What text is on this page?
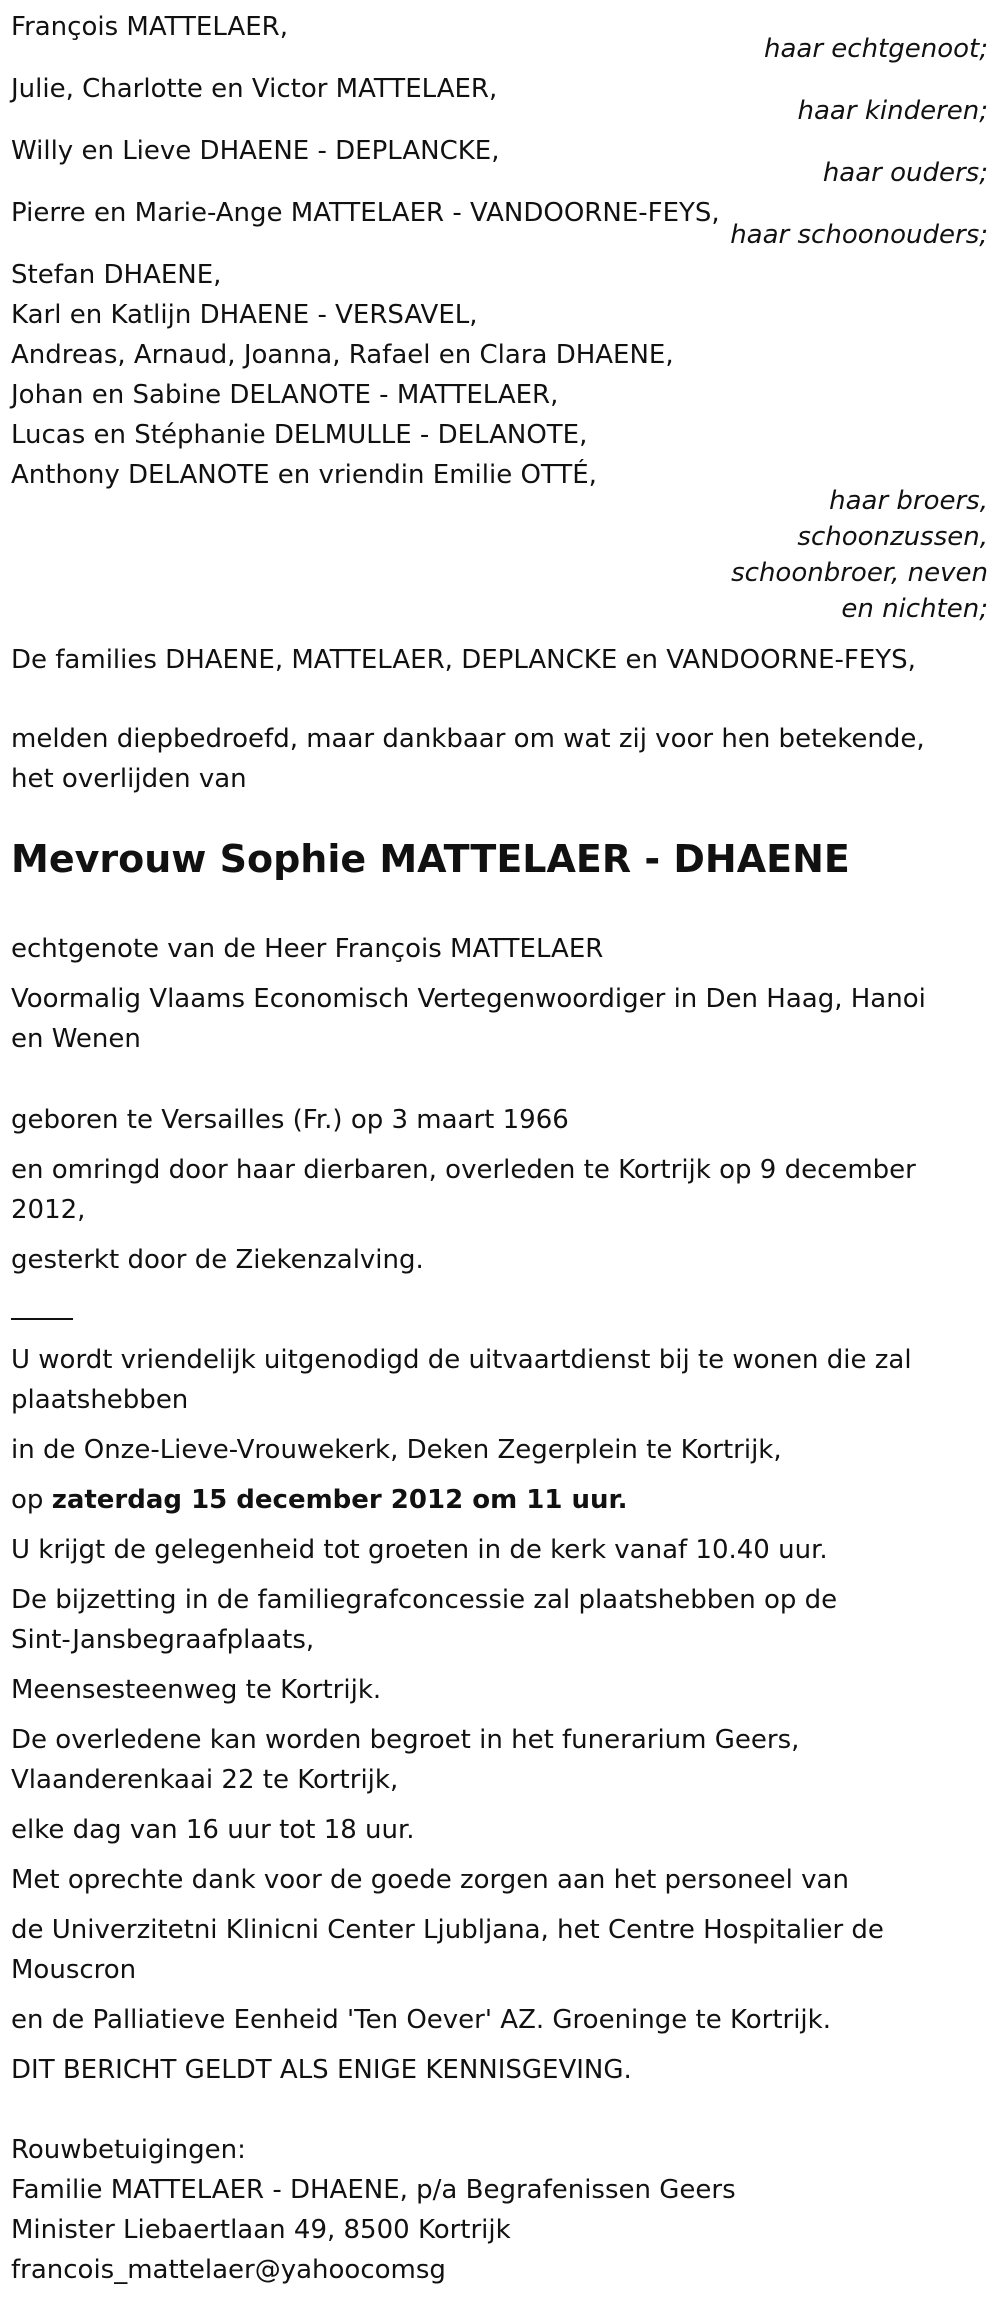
François MATTELAER,
haar echtgenoot;
Julie, Charlotte en Victor MATTELAER,
haar kinderen;
Willy en Lieve DHAENE - DEPLANCKE,
haar ouders;
Pierre en Marie-Ange MATTELAER - VANDOORNE-FEYS,
haar schoonouders;
Stefan DHAENE,
Karl en Katlijn DHAENE - VERSAVEL,
Andreas, Arnaud, Joanna, Rafael en Clara DHAENE,
Johan en Sabine DELANOTE - MATTELAER,
Lucas en Stéphanie DELMULLE - DELANOTE,
Anthony DELANOTE en vriendin Emilie OTTÉ,
haar broers,
schoonzussen,
schoonbroer, neven
en nichten;
De families DHAENE, MATTELAER, DEPLANCKE en VANDOORNE-FEYS,
melden diepbedroefd, maar dankbaar om wat zij voor hen betekende,
het overlijden van
Mevrouw Sophie MATTELAER - DHAENE
echtgenote van de Heer François MATTELAER
Voormalig Vlaams Economisch Vertegenwoordiger in Den Haag, Hanoi
en Wenen
geboren te Versailles (Fr.) op 3 maart 1966
en omringd door haar dierbaren, overleden te Kortrijk op 9 december
2012,
gesterkt door de Ziekenzalving.
U wordt vriendelijk uitgenodigd de uitvaartdienst bij te wonen die zal
plaatshebben
in de Onze-Lieve-Vrouwekerk, Deken Zegerplein te Kortrijk,
op zaterdag 15 december 2012 om 11 uur.
U krijgt de gelegenheid tot groeten in de kerk vanaf 10.40 uur.
De bijzetting in de familiegrafconcessie zal plaatshebben op de
Sint-Jansbegraafplaats,
Meensesteenweg te Kortrijk.
De overledene kan worden begroet in het funerarium Geers,
Vlaanderenkaai 22 te Kortrijk,
elke dag van 16 uur tot 18 uur.
Met oprechte dank voor de goede zorgen aan het personeel van
de Univerzitetni Klinicni Center Ljubljana, het Centre Hospitalier de
Mouscron
en de Palliatieve Eenheid 'Ten Oever' AZ. Groeninge te Kortrijk.
DIT BERICHT GELDT ALS ENIGE KENNISGEVING.
Rouwbetuigingen:
Familie MATTELAER - DHAENE, p/a Begrafenissen Geers
Minister Liebaertlaan 49, 8500 Kortrijk
francois_mattelaer@yahoocomsg
